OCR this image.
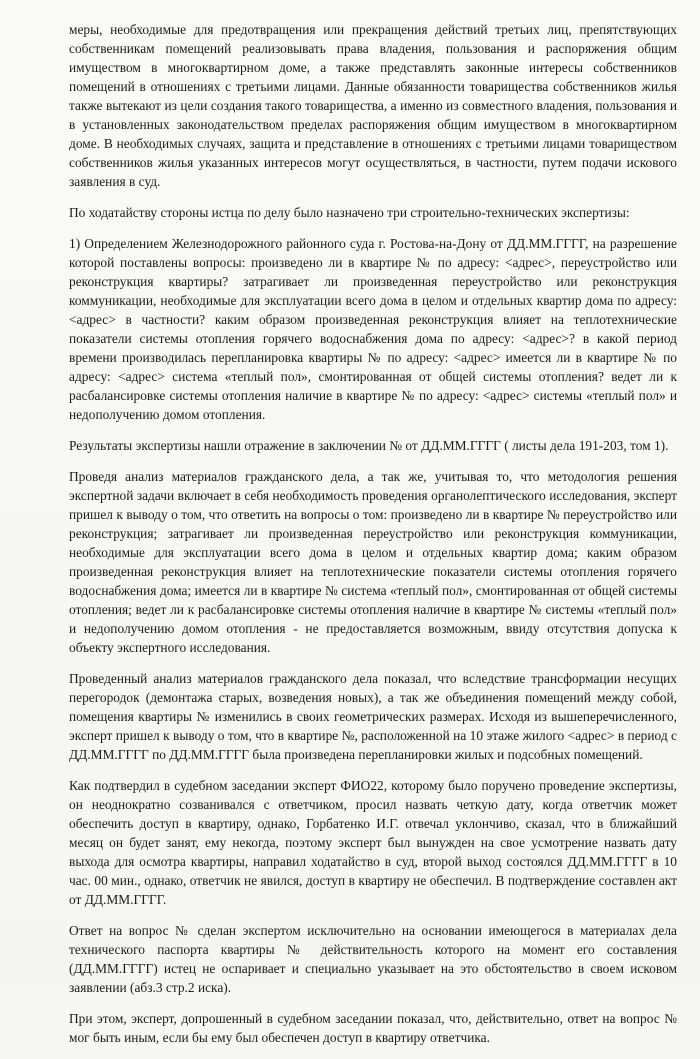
меры, необходимые для предотвращения или прекращения действий третьих лиц, препятствующих собственникам помещений реализовывать права владения, пользования и распоряжения общим имуществом в многоквартирном доме, а также представлять законные интересы собственников помещений в отношениях с третьими лицами. Данные обязанности товарищества собственников жилья также вытекают из цели создания такого товарищества, а именно из совместного владения, пользования и в установленных законодательством пределах распоряжения общим имуществом в многоквартирном доме. В необходимых случаях, защита и представление в отношениях с третьими лицами товариществом собственников жилья указанных интересов могут осуществляться, в частности, путем подачи искового заявления в суд.

По ходатайству стороны истца по делу было назначено три строительно-технических экспертизы:

1) Определением Железнодорожного районного суда г. Ростова-на-Дону от ДД.ММ.ГГГГ, на разрешение которой поставлены вопросы: произведено ли в квартире № по адресу: <адрес>, переустройство или реконструкция квартиры? затрагивает ли произведенная переустройство или реконструкция коммуникации, необходимые для эксплуатации всего дома в целом и отдельных квартир дома по адресу: <адрес> в частности? каким образом произведенная реконструкция влияет на теплотехнические показатели системы отопления горячего водоснабжения дома по адресу: <адрес>? в какой период времени производилась перепланировка квартиры № по адресу: <адрес> имеется ли в квартире № по адресу: <адрес> система «теплый пол», смонтированная от общей системы отопления? ведет ли к расбалансировке системы отопления наличие в квартире № по адресу: <адрес> системы «теплый пол» и недополучению домом отопления.

Результаты экспертизы нашли отражение в заключении № от ДД.ММ.ГГГГ ( листы дела 191-203, том 1).

Проведя анализ материалов гражданского дела, а так же, учитывая то, что методология решения экспертной задачи включает в себя необходимость проведения органолептического исследования, эксперт пришел к выводу о том, что ответить на вопросы о том: произведено ли в квартире № переустройство или реконструкция; затрагивает ли произведенная переустройство или реконструкция коммуникации, необходимые для эксплуатации всего дома в целом и отдельных квартир дома; каким образом произведенная реконструкция влияет на теплотехнические показатели системы отопления горячего водоснабжения дома; имеется ли в квартире № система «теплый пол», смонтированная от общей системы отопления; ведет ли к расбалансировке системы отопления наличие в квартире № системы «теплый пол» и недополучению домом отопления - не предоставляется возможным, ввиду отсутствия допуска к объекту экспертного исследования.

Проведенный анализ материалов гражданского дела показал, что вследствие трансформации несущих перегородок (демонтажа старых, возведения новых), а так же объединения помещений между собой, помещения квартиры № изменились в своих геометрических размерах. Исходя из вышеперечисленного, эксперт пришел к выводу о том, что в квартире №, расположенной на 10 этаже жилого <адрес> в период с ДД.ММ.ГГГГ по ДД.ММ.ГГГГ была произведена перепланировки жилых и подсобных помещений.

Как подтвердил в судебном заседании эксперт ФИО22, которому было поручено проведение экспертизы, он неоднократно созванивался с ответчиком, просил назвать четкую дату, когда ответчик может обеспечить доступ в квартиру, однако, Горбатенко И.Г. отвечал уклончиво, сказал, что в ближайший месяц он будет занят, ему некогда, поэтому эксперт был вынужден на свое усмотрение назвать дату выхода для осмотра квартиры, направил ходатайство в суд, второй выход состоялся ДД.ММ.ГГГГ в 10 час. 00 мин., однако, ответчик не явился, доступ в квартиру не обеспечил. В подтверждение составлен акт от ДД.ММ.ГГГГ.

Ответ на вопрос № сделан экспертом исключительно на основании имеющегося в материалах дела технического паспорта квартиры № действительность которого на момент его составления (ДД.ММ.ГГГГ) истец не оспаривает и специально указывает на это обстоятельство в своем исковом заявлении (абз.3 стр.2 иска).

При этом, эксперт, допрошенный в судебном заседании показал, что, действительно, ответ на вопрос № мог быть иным, если бы ему был обеспечен доступ в квартиру ответчика.
